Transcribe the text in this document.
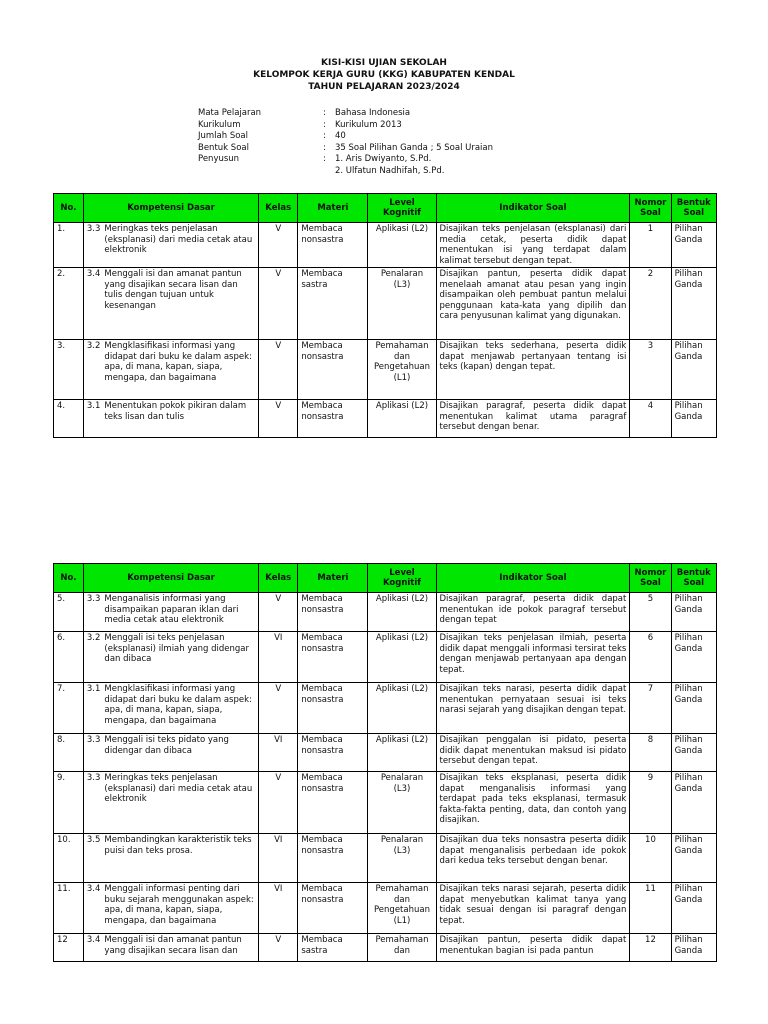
KISI-KISI UJIAN SEKOLAH
KELOMPOK KERJA GURU (KKG) KABUPATEN KENDAL
TAHUN PELAJARAN 2023/2024
Mata Pelajaran	:	Bahasa Indonesia
Kurikulum	:	Kurikulum 2013
Jumlah Soal	:	40
Bentuk Soal	:	35 Soal Pilihan Ganda ; 5 Soal Uraian
Penyusun	:	1. Aris Dwiyanto, S.Pd.
2. Ulfatun Nadhifah, S.Pd.
No.	Kompetensi Dasar	Kelas	Materi	Level Kognitif	Indikator Soal	Nomor Soal	Bentuk Soal
1.	3.3 Meringkas teks penjelasan (eksplanasi) dari media cetak atau elektronik	V	Membaca nonsastra	Aplikasi (L2)	Disajikan teks penjelasan (eksplanasi) dari media cetak, peserta didik dapat menentukan isi yang terdapat dalam kalimat tersebut dengan tepat.	1	Pilihan Ganda
2.	3.4 Menggali isi dan amanat pantun yang disajikan secara lisan dan tulis dengan tujuan untuk kesenangan	V	Membaca sastra	Penalaran (L3)	Disajikan pantun, peserta didik dapat menelaah amanat atau pesan yang ingin disampaikan oleh pembuat pantun melalui penggunaan kata-kata yang dipilih dan cara penyusunan kalimat yang digunakan.	2	Pilihan Ganda
3.	3.2 Mengklasifikasi informasi yang didapat dari buku ke dalam aspek: apa, di mana, kapan, siapa, mengapa, dan bagaimana	V	Membaca nonsastra	Pemahaman dan Pengetahuan (L1)	Disajikan teks sederhana, peserta didik dapat menjawab pertanyaan tentang isi teks (kapan) dengan tepat.	3	Pilihan Ganda
4.	3.1 Menentukan pokok pikiran dalam teks lisan dan tulis	V	Membaca nonsastra	Aplikasi (L2)	Disajikan paragraf, peserta didik dapat menentukan kalimat utama paragraf tersebut dengan benar.	4	Pilihan Ganda
No.	Kompetensi Dasar	Kelas	Materi	Level Kognitif	Indikator Soal	Nomor Soal	Bentuk Soal
5.	3.3 Menganalisis informasi yang disampaikan paparan iklan dari media cetak atau elektronik	V	Membaca nonsastra	Aplikasi (L2)	Disajikan paragraf, peserta didik dapat menentukan ide pokok paragraf tersebut dengan tepat	5	Pilihan Ganda
6.	3.2 Menggali isi teks penjelasan (eksplanasi) ilmiah yang didengar dan dibaca	VI	Membaca nonsastra	Aplikasi (L2)	Disajikan teks penjelasan ilmiah, peserta didik dapat menggali informasi tersirat teks dengan menjawab pertanyaan apa dengan tepat.	6	Pilihan Ganda
7.	3.1 Mengklasifikasi informasi yang didapat dari buku ke dalam aspek: apa, di mana, kapan, siapa, mengapa, dan bagaimana	V	Membaca nonsastra	Aplikasi (L2)	Disajikan teks narasi, peserta didik dapat menentukan pernyataan sesuai isi teks narasi sejarah yang disajikan dengan tepat.	7	Pilihan Ganda
8.	3.3 Menggali isi teks pidato yang didengar dan dibaca	VI	Membaca nonsastra	Aplikasi (L2)	Disajikan penggalan isi pidato, peserta didik dapat menentukan maksud isi pidato tersebut dengan tepat.	8	Pilihan Ganda
9.	3.3 Meringkas teks penjelasan (eksplanasi) dari media cetak atau elektronik	V	Membaca nonsastra	Penalaran (L3)	Disajikan teks eksplanasi, peserta didik dapat menganalisis informasi yang terdapat pada teks eksplanasi, termasuk fakta-fakta penting, data, dan contoh yang disajikan.	9	Pilihan Ganda
10.	3.5 Membandingkan karakteristik teks puisi dan teks prosa.	VI	Membaca nonsastra	Penalaran (L3)	Disajikan dua teks nonsastra peserta didik dapat menganalisis perbedaan ide pokok dari kedua teks tersebut dengan benar.	10	Pilihan Ganda
11.	3.4 Menggali informasi penting dari buku sejarah menggunakan aspek: apa, di mana, kapan, siapa, mengapa, dan bagaimana	VI	Membaca nonsastra	Pemahaman dan Pengetahuan (L1)	Disajikan teks narasi sejarah, peserta didik dapat menyebutkan kalimat tanya yang tidak sesuai dengan isi paragraf dengan tepat.	11	Pilihan Ganda
12	3.4 Menggali isi dan amanat pantun yang disajikan secara lisan dan	V	Membaca sastra	Pemahaman dan	Disajikan pantun, peserta didik dapat menentukan bagian isi pada pantun	12	Pilihan Ganda
